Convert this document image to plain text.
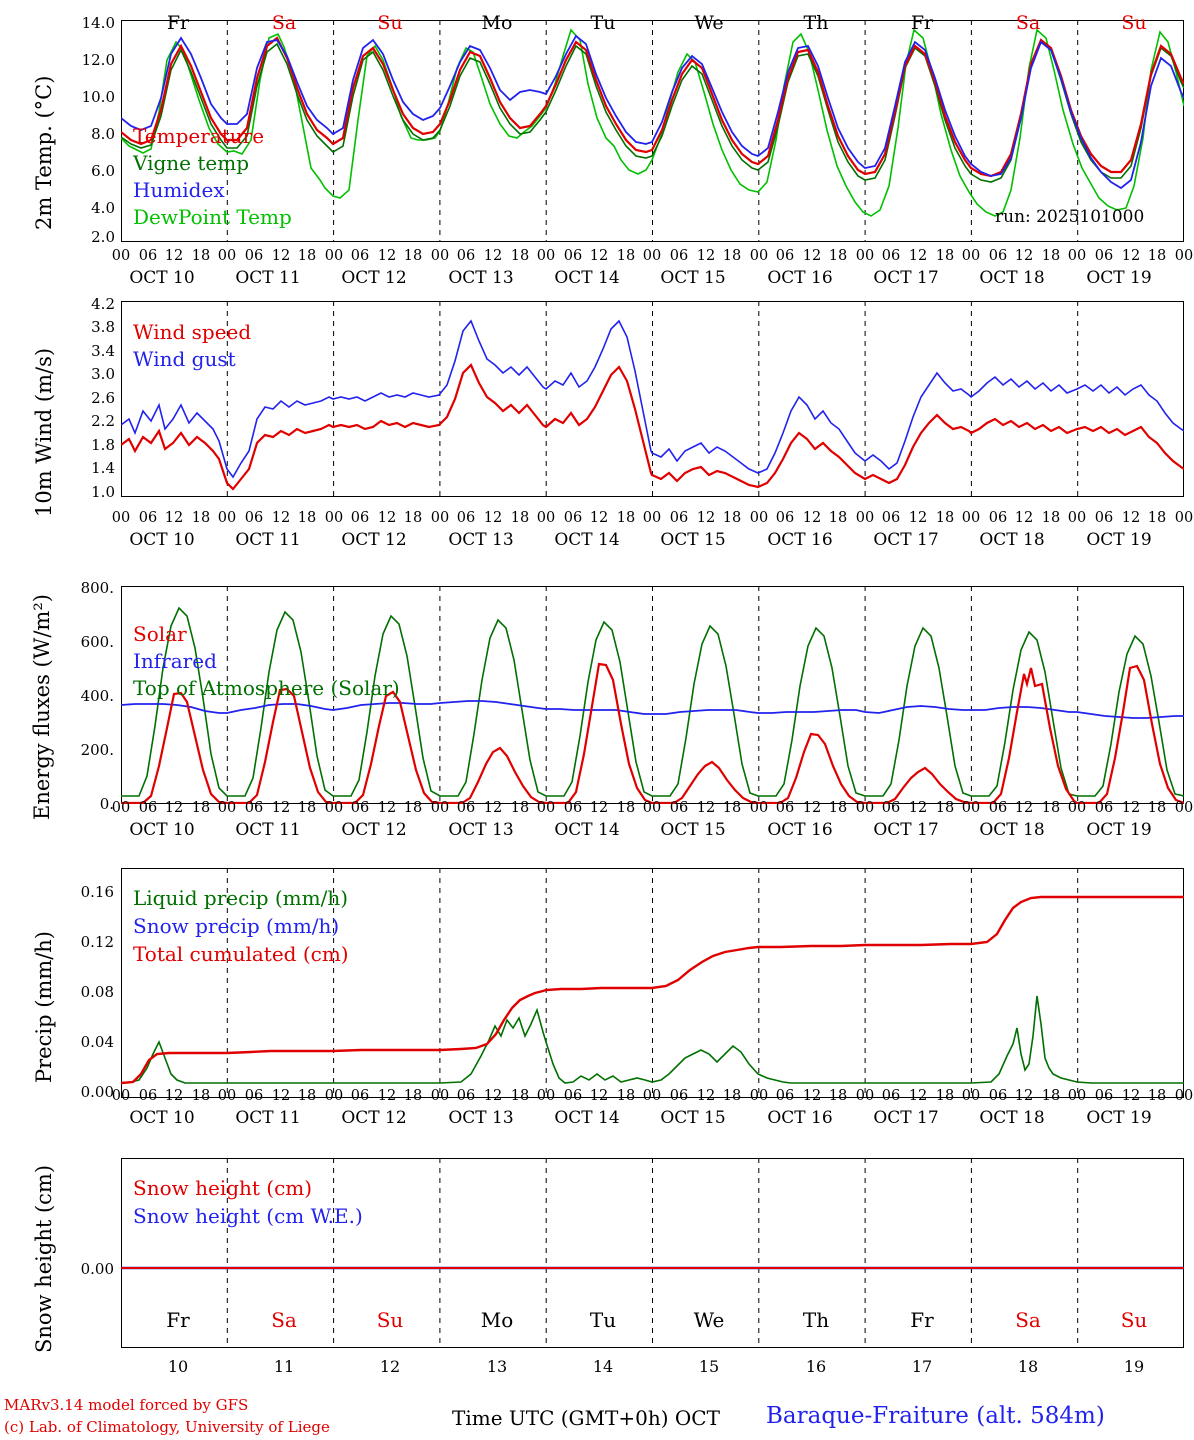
2m Temp. (°C)
14.0
12.0
10.0
8.0
6.0
4.0
2.0
Fr	Sa	Su	Mo	Tu	We	Th	Fr	Sa	Su
Temperature
Vigne temp
Humidex
DewPoint Temp	run: 2025101000
00 06 12 18 00 06 12 18 00 06 12 18 00 06 12 18 00 06 12 18 00 06 12 18 00 06 12 18 00 06 12 18 00 06 12 18 00 06 12 18 00
OCT 10	OCT 11	OCT 12	OCT 13	OCT 14	OCT 15	OCT 16	OCT 17	OCT 18	OCT 19
10m Wind (m/s)
4.2
3.8
3.4
3.0
2.6
2.2
1.8
1.4
1.0
Wind speed
Wind gust
00 06 12 18 00 06 12 18 00 06 12 18 00 06 12 18 00 06 12 18 00 06 12 18 00 06 12 18 00 06 12 18 00 06 12 18 00 06 12 18 00
OCT 10	OCT 11	OCT 12	OCT 13	OCT 14	OCT 15	OCT 16	OCT 17	OCT 18	OCT 19
Energy fluxes (W/m²)
800.
600.
400.
200.
0.
Solar
Infrared
Top of Atmosphere (Solar)
00 06 12 18 00 06 12 18 00 06 12 18 00 06 12 18 00 06 12 18 00 06 12 18 00 06 12 18 00 06 12 18 00 06 12 18 00 06 12 18 00
OCT 10	OCT 11	OCT 12	OCT 13	OCT 14	OCT 15	OCT 16	OCT 17	OCT 18	OCT 19
Precip (mm/h)
0.16
0.12
0.08
0.04
0.00
Liquid precip (mm/h)
Snow precip (mm/h)
Total cumulated (cm)
00 06 12 18 00 06 12 18 00 06 12 18 00 06 12 18 00 06 12 18 00 06 12 18 00 06 12 18 00 06 12 18 00 06 12 18 00 06 12 18 00
OCT 10	OCT 11	OCT 12	OCT 13	OCT 14	OCT 15	OCT 16	OCT 17	OCT 18	OCT 19
Snow height (cm)	0.00
Snow height (cm)
Snow height (cm W.E.)
Fr	Sa	Su	Mo	Tu	We	Th	Fr	Sa	Su
10	11	12	13	14	15	16	17	18	19
MARv3.14 model forced by GFS
(c) Lab. of Climatology, University of Liege	Time UTC (GMT+0h) OCT Baraque-Fraiture (alt. 584m)
